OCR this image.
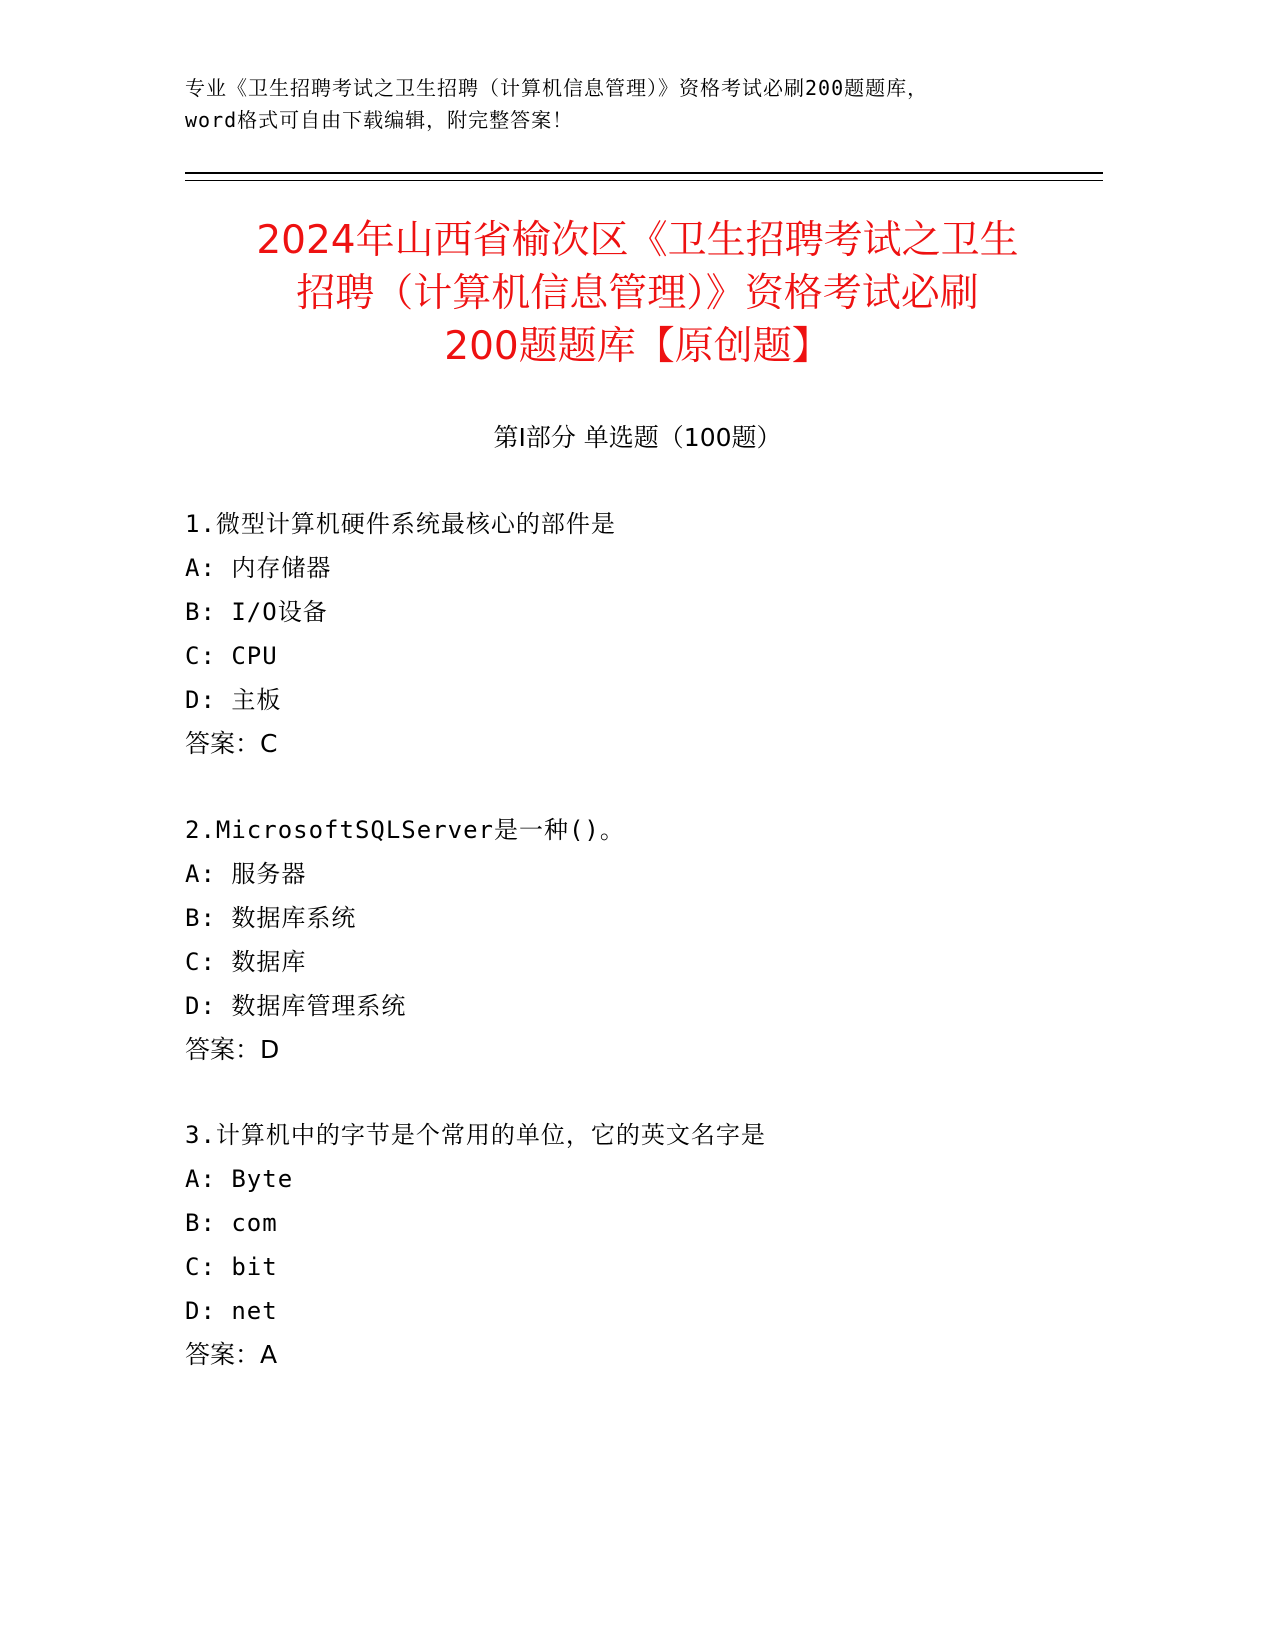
专业《卫生招聘考试之卫生招聘（计算机信息管理）》资格考试必刷200题题库，
word格式可自由下载编辑，附完整答案！
2024年山西省榆次区《卫生招聘考试之卫生
招聘（计算机信息管理）》资格考试必刷
200题题库【原创题】
第Ⅰ部分 单选题（100题）
1.微型计算机硬件系统最核心的部件是
A: 内存储器
B: I/O设备
C: CPU
D: 主板
答案：C
2.MicrosoftSQLServer是一种()。
A: 服务器
B: 数据库系统
C: 数据库
D: 数据库管理系统
答案：D
3.计算机中的字节是个常用的单位，它的英文名字是
A: Byte
B: com
C: bit
D: net
答案：A
